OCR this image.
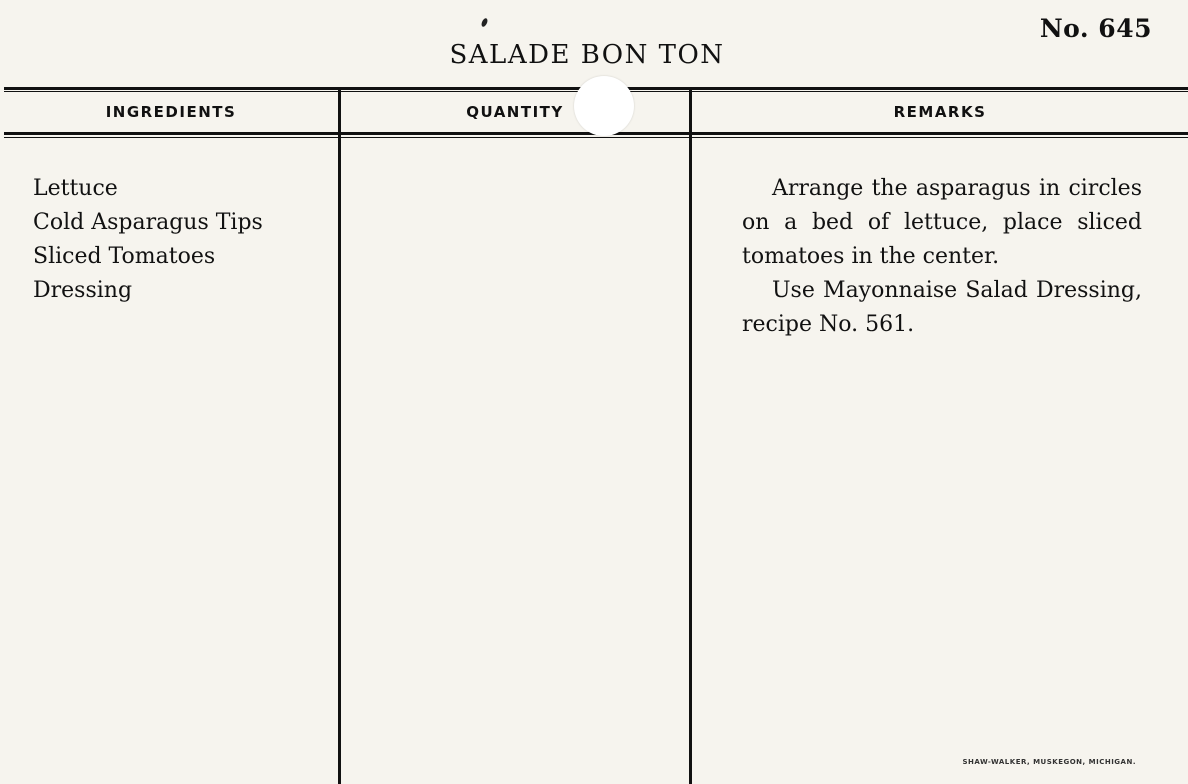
No. 645
SALADE BON TON
INGREDIENTS	QUANTITY	REMARKS
Lettuce
Cold Asparagus Tips
Sliced Tomatoes
Dressing

Arrange the asparagus in circles on a bed of lettuce, place sliced tomatoes in the center.

Use Mayonnaise Salad Dressing, recipe No. 561.

SHAW-WALKER, MUSKEGON, MICHIGAN.
